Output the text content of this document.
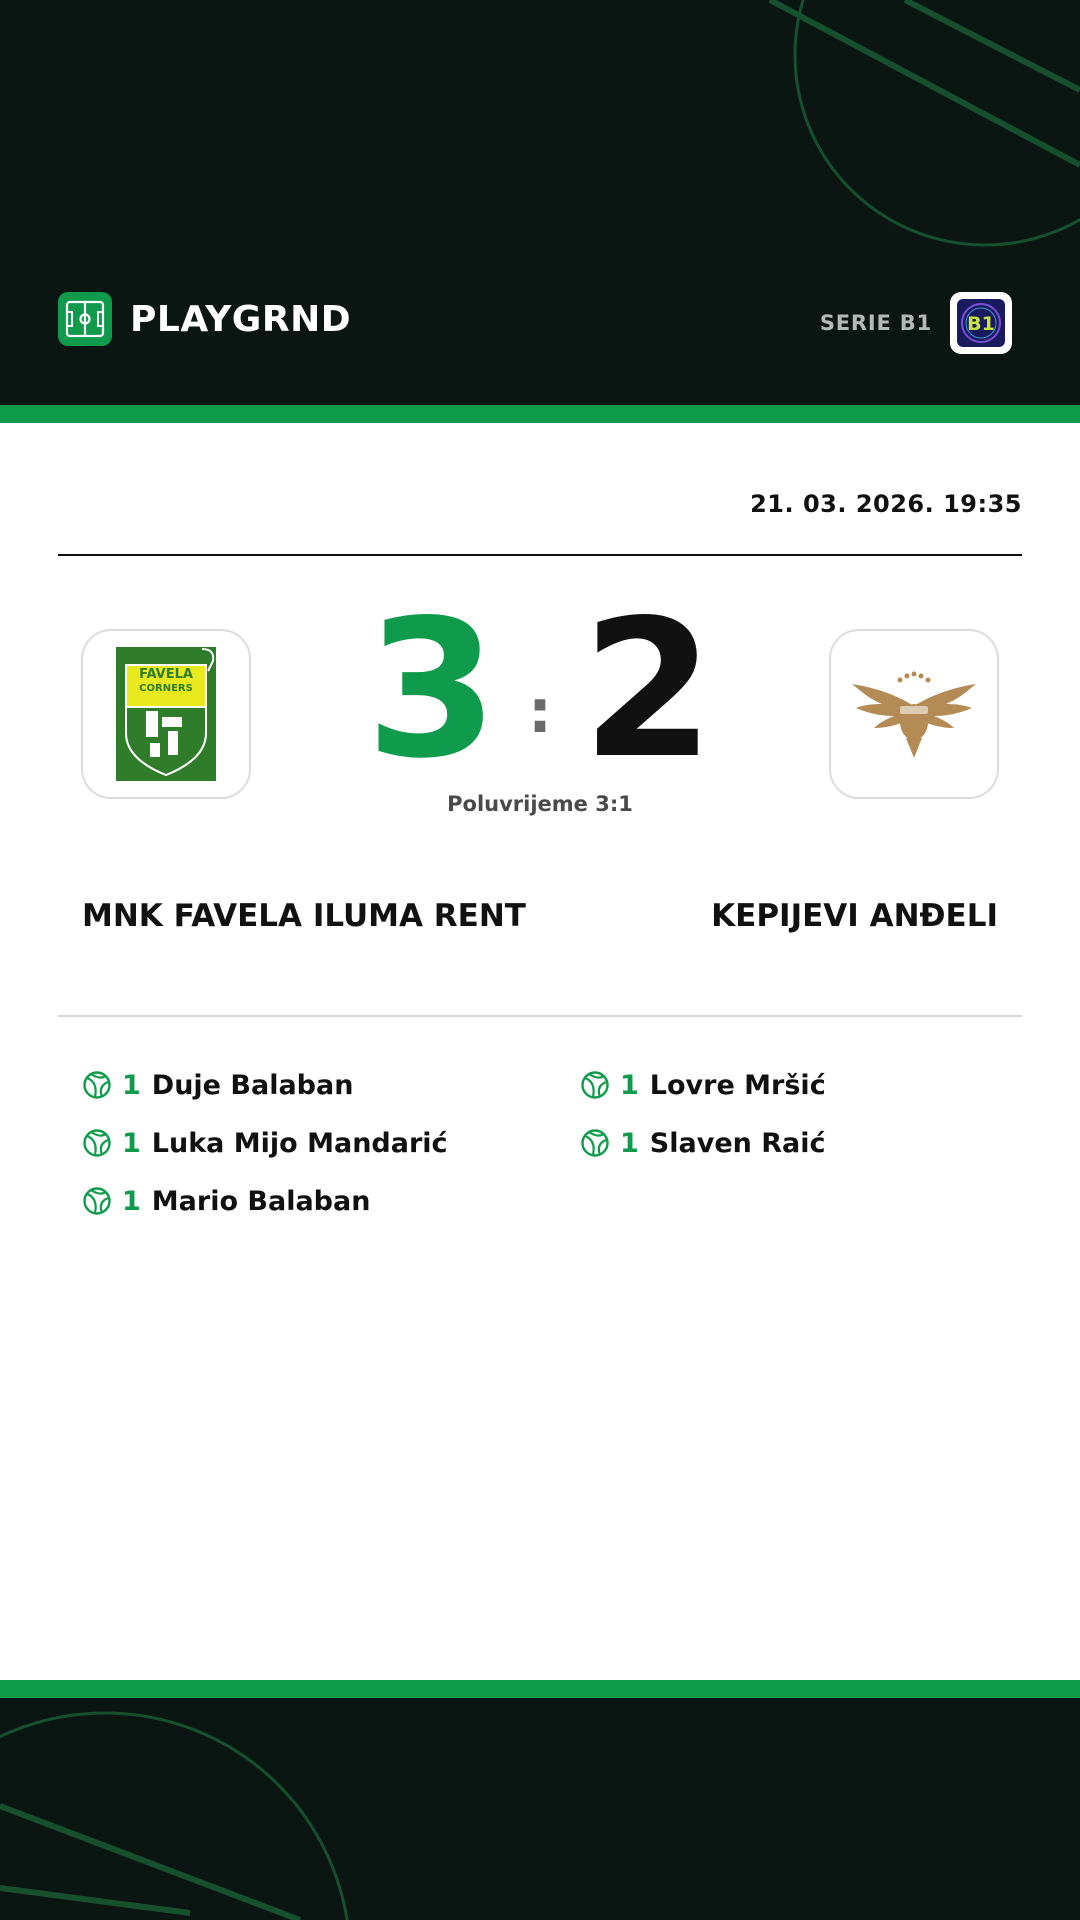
PLAYGRND	SERIE B1 B1
21. 03. 2026. 19:35
FAVELA
CORNERS 3 : 2
Poluvrijeme 3:1
MNK FAVELA ILUMA RENT	KEPIJEVI ANĐELI
1 Duje Balaban
1 Luka Mijo Mandarić
1 Mario Balaban
1 Lovre Mršić
1 Slaven Raić
